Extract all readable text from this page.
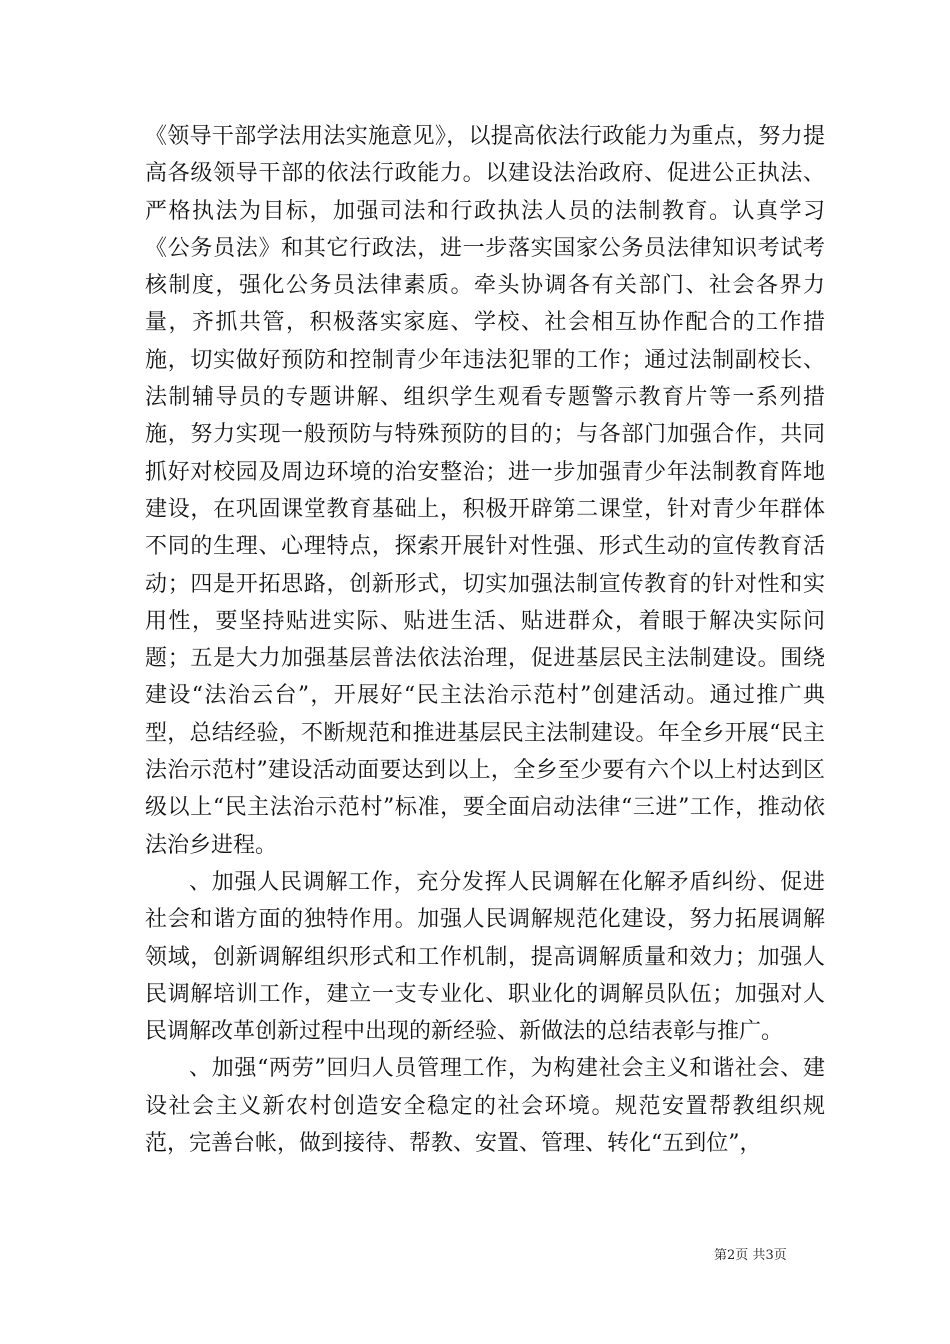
《领导干部学法用法实施意见》，以提高依法行政能力为重点，努力提高各级领导干部的依法行政能力。以建设法治政府、促进公正执法、严格执法为目标，加强司法和行政执法人员的法制教育。认真学习《公务员法》和其它行政法，进一步落实国家公务员法律知识考试考核制度，强化公务员法律素质。牵头协调各有关部门、社会各界力量，齐抓共管，积极落实家庭、学校、社会相互协作配合的工作措施，切实做好预防和控制青少年违法犯罪的工作；通过法制副校长、法制辅导员的专题讲解、组织学生观看专题警示教育片等一系列措施，努力实现一般预防与特殊预防的目的；与各部门加强合作，共同抓好对校园及周边环境的治安整治；进一步加强青少年法制教育阵地建设，在巩固课堂教育基础上，积极开辟第二课堂，针对青少年群体不同的生理、心理特点，探索开展针对性强、形式生动的宣传教育活动；四是开拓思路，创新形式，切实加强法制宣传教育的针对性和实用性，要坚持贴进实际、贴进生活、贴进群众，着眼于解决实际问题；五是大力加强基层普法依法治理，促进基层民主法制建设。围绕建设“法治云台”，开展好“民主法治示范村”创建活动。通过推广典型，总结经验，不断规范和推进基层民主法制建设。年全乡开展“民主法治示范村”建设活动面要达到以上，全乡至少要有六个以上村达到区级以上“民主法治示范村”标准，要全面启动法律“三进”工作，推动依法治乡进程。

、加强人民调解工作，充分发挥人民调解在化解矛盾纠纷、促进社会和谐方面的独特作用。加强人民调解规范化建设，努力拓展调解领域，创新调解组织形式和工作机制，提高调解质量和效力；加强人民调解培训工作，建立一支专业化、职业化的调解员队伍；加强对人民调解改革创新过程中出现的新经验、新做法的总结表彰与推广。

、加强“两劳”回归人员管理工作，为构建社会主义和谐社会、建设社会主义新农村创造安全稳定的社会环境。规范安置帮教组织规范，完善台帐，做到接待、帮教、安置、管理、转化“五到位”，

第2页 共3页
